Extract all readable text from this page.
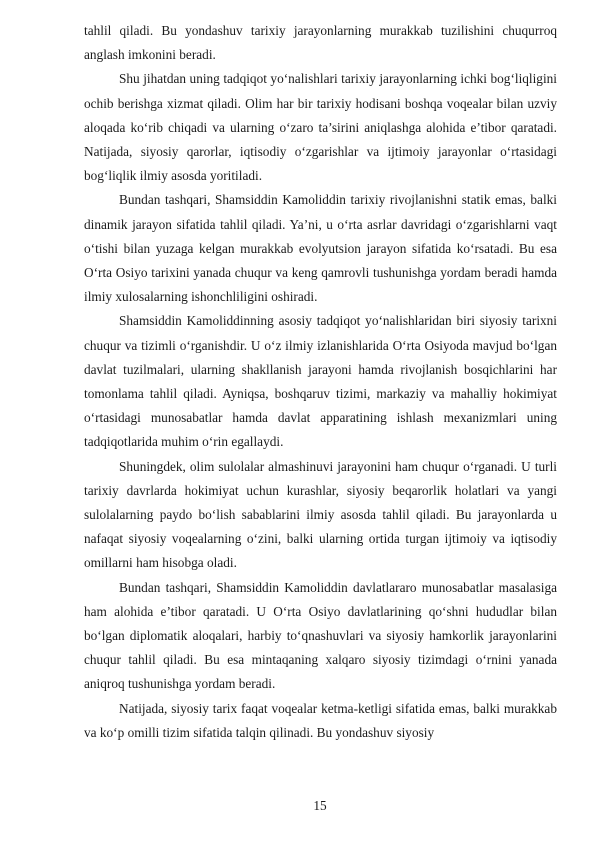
tahlil qiladi. Bu yondashuv tarixiy jarayonlarning murakkab tuzilishini chuqurroq anglash imkonini beradi.

Shu jihatdan uning tadqiqot yo‘nalishlari tarixiy jarayonlarning ichki bog‘liqligini ochib berishga xizmat qiladi. Olim har bir tarixiy hodisani boshqa voqealar bilan uzviy aloqada ko‘rib chiqadi va ularning o‘zaro ta’sirini aniqlashga alohida e’tibor qaratadi. Natijada, siyosiy qarorlar, iqtisodiy o‘zgarishlar va ijtimoiy jarayonlar o‘rtasidagi bog‘liqlik ilmiy asosda yoritiladi.

Bundan tashqari, Shamsiddin Kamoliddin tarixiy rivojlanishni statik emas, balki dinamik jarayon sifatida tahlil qiladi. Ya’ni, u o‘rta asrlar davridagi o‘zgarishlarni vaqt o‘tishi bilan yuzaga kelgan murakkab evolyutsion jarayon sifatida ko‘rsatadi. Bu esa O‘rta Osiyo tarixini yanada chuqur va keng qamrovli tushunishga yordam beradi hamda ilmiy xulosalarning ishonchliligini oshiradi.

Shamsiddin Kamoliddinning asosiy tadqiqot yo‘nalishlaridan biri siyosiy tarixni chuqur va tizimli o‘rganishdir. U o‘z ilmiy izlanishlarida O‘rta Osiyoda mavjud bo‘lgan davlat tuzilmalari, ularning shakllanish jarayoni hamda rivojlanish bosqichlarini har tomonlama tahlil qiladi. Ayniqsa, boshqaruv tizimi, markaziy va mahalliy hokimiyat o‘rtasidagi munosabatlar hamda davlat apparatining ishlash mexanizmlari uning tadqiqotlarida muhim o‘rin egallaydi.

Shuningdek, olim sulolalar almashinuvi jarayonini ham chuqur o‘rganadi. U turli tarixiy davrlarda hokimiyat uchun kurashlar, siyosiy beqarorlik holatlari va yangi sulolalarning paydo bo‘lish sabablarini ilmiy asosda tahlil qiladi. Bu jarayonlarda u nafaqat siyosiy voqealarning o‘zini, balki ularning ortida turgan ijtimoiy va iqtisodiy omillarni ham hisobga oladi.

Bundan tashqari, Shamsiddin Kamoliddin davlatlararo munosabatlar masalasiga ham alohida e’tibor qaratadi. U O‘rta Osiyo davlatlarining qo‘shni hududlar bilan bo‘lgan diplomatik aloqalari, harbiy to‘qnashuvlari va siyosiy hamkorlik jarayonlarini chuqur tahlil qiladi. Bu esa mintaqaning xalqaro siyosiy tizimdagi o‘rnini yanada aniqroq tushunishga yordam beradi.

Natijada, siyosiy tarix faqat voqealar ketma-ketligi sifatida emas, balki murakkab va ko‘p omilli tizim sifatida talqin qilinadi. Bu yondashuv siyosiy

15
